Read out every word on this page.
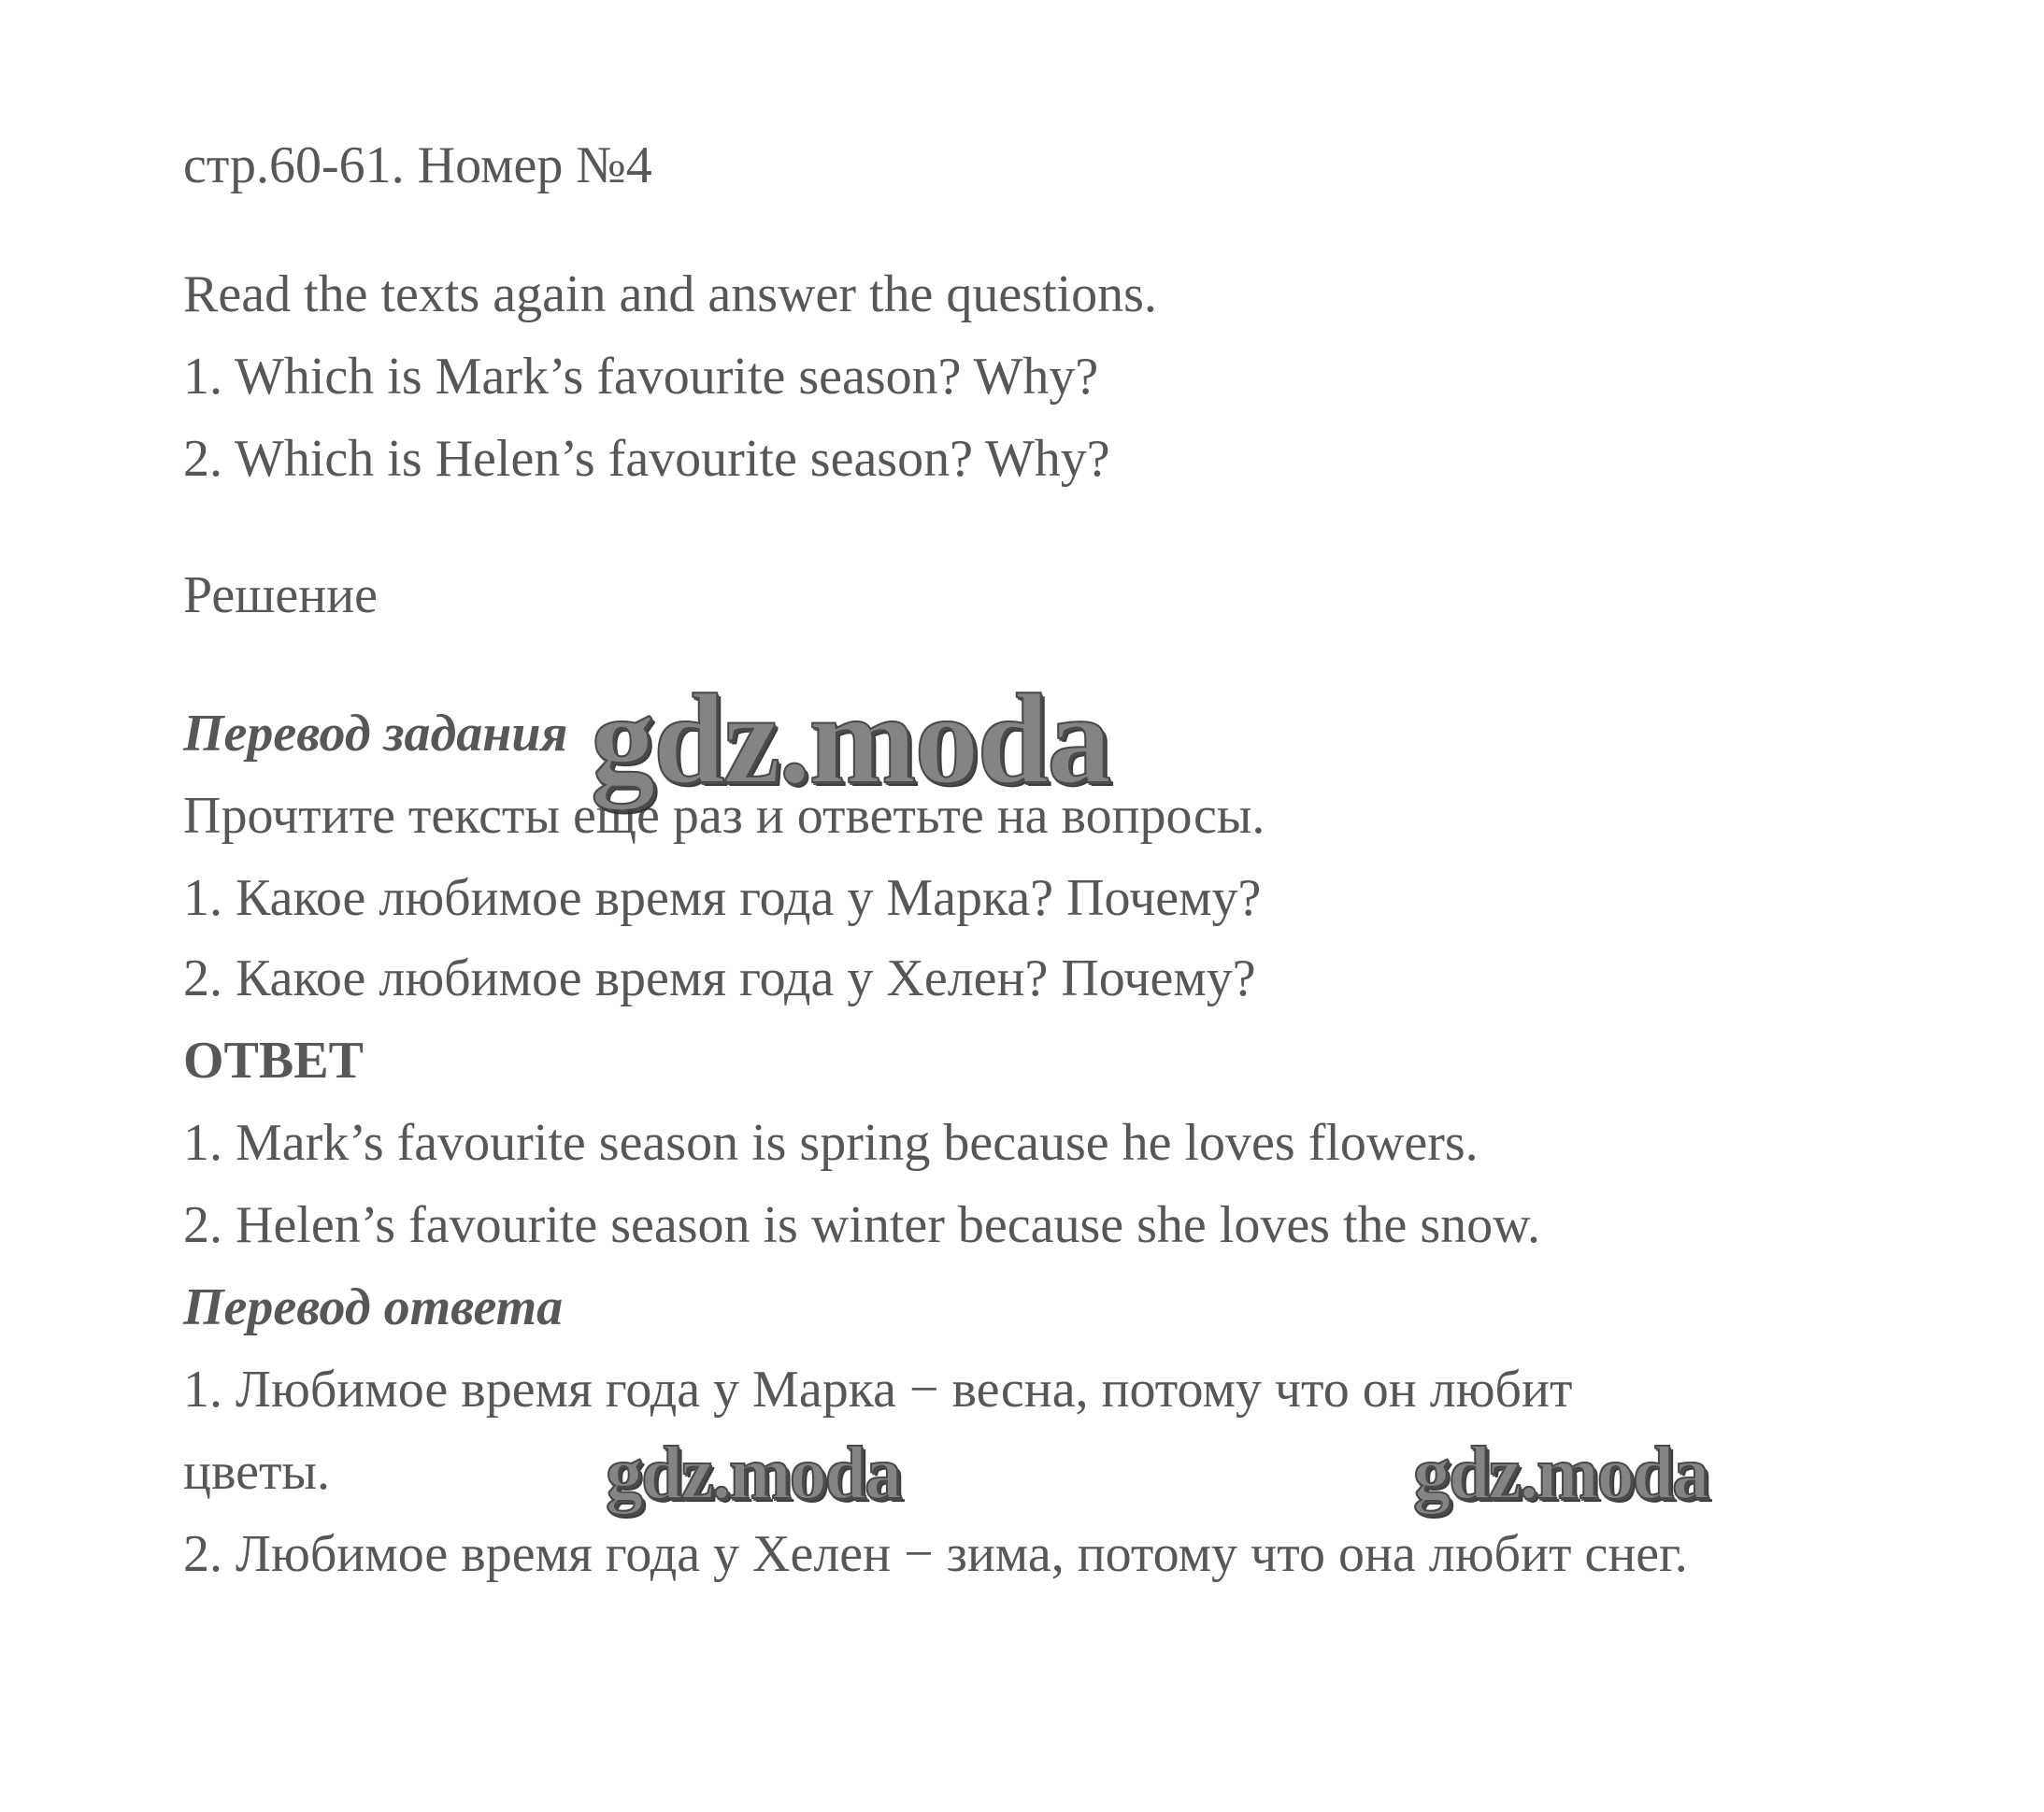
стр.60-61. Номер №4

Read the texts again and answer the questions.

1. Which is Mark’s favourite season? Why?

2. Which is Helen’s favourite season? Why?

Решение

Перевод задания

Прочтите тексты еще раз и ответьте на вопросы.

1. Какое любимое время года у Марка? Почему?

2. Какое любимое время года у Хелен? Почему?

ОТВЕТ

1. Mark’s favourite season is spring because he loves flowers.

2. Helen’s favourite season is winter because she loves the snow.

Перевод ответа

1. Любимое время года у Марка − весна, потому что он любит

цветы.

2. Любимое время года у Хелен − зима, потому что она любит снег.

gdz.moda
gdz.moda	gdz.moda
